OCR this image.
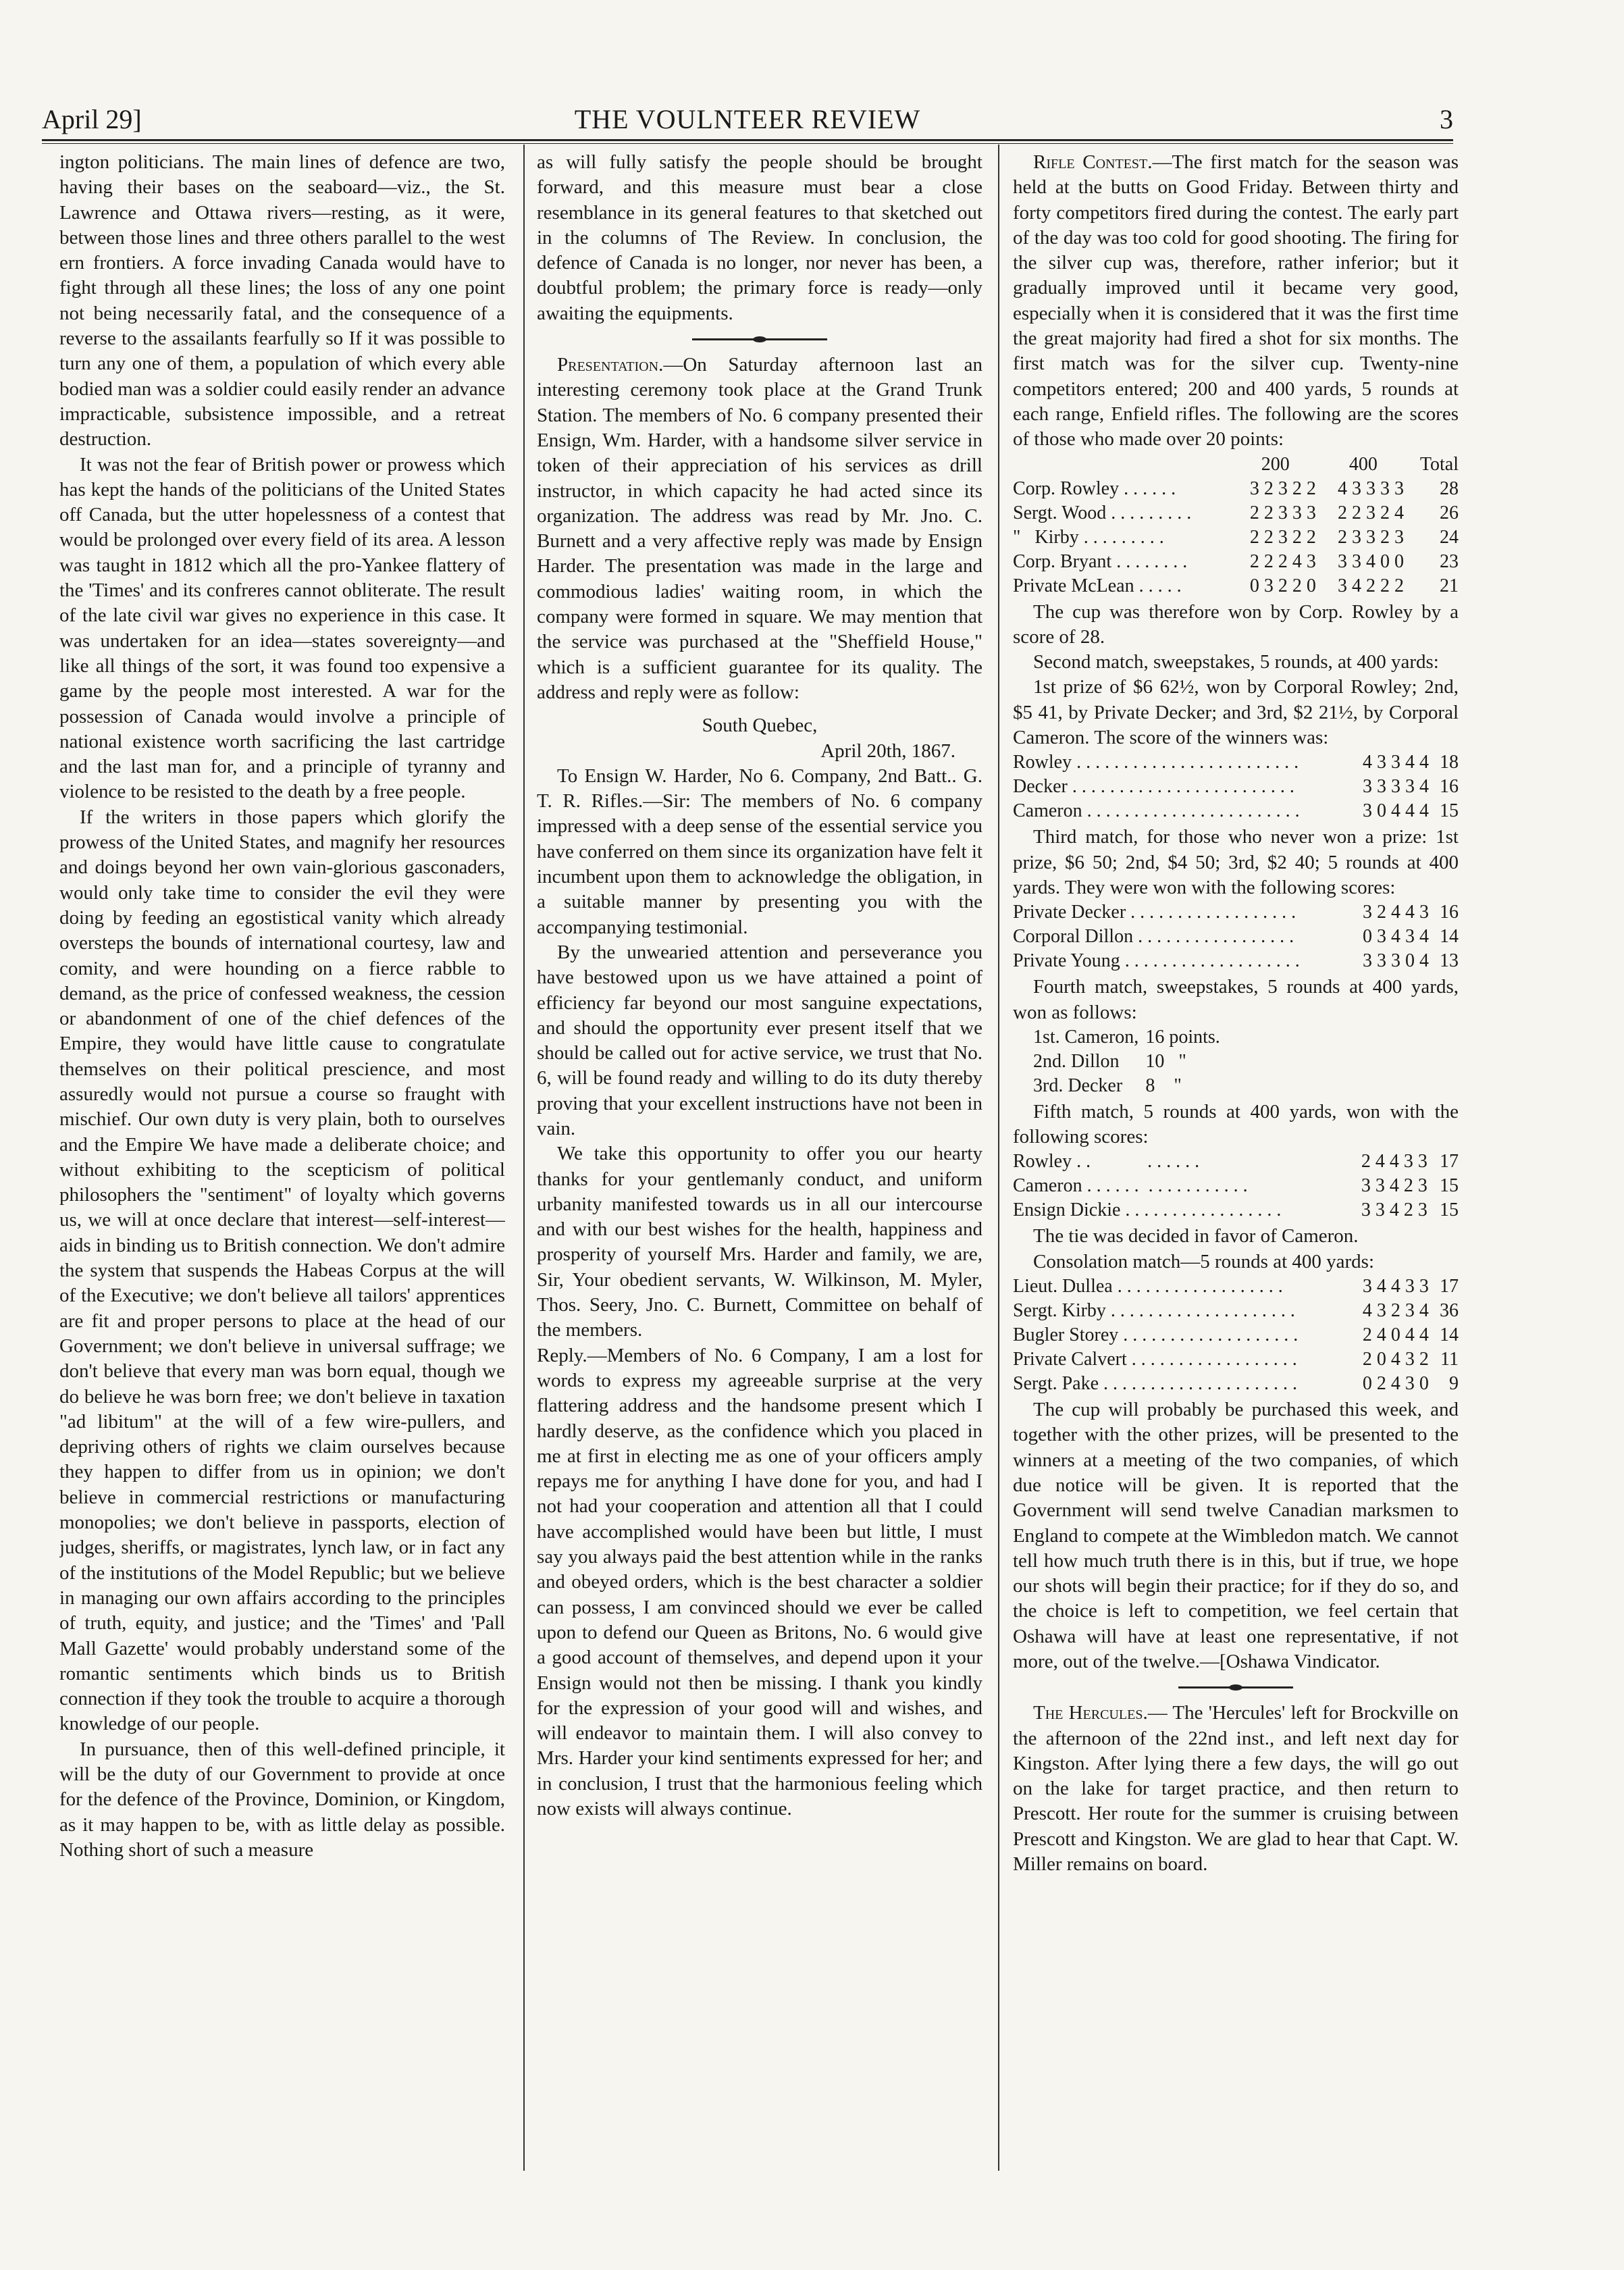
April 29]	THE VOULNTEER REVIEW	3

ington politicians. The main lines of defence are two, having their bases on the seaboard—viz., the St. Lawrence and Ottawa rivers—resting, as it were, between those lines and three others parallel to the west ern frontiers. A force invading Canada would have to fight through all these lines; the loss of any one point not being necessarily fatal, and the consequence of a reverse to the assailants fearfully so If it was possible to turn any one of them, a population of which every able bodied man was a soldier could easily render an advance impracticable, subsistence impossible, and a retreat destruction.

It was not the fear of British power or prowess which has kept the hands of the politicians of the United States off Canada, but the utter hopelessness of a contest that would be prolonged over every field of its area. A lesson was taught in 1812 which all the pro-Yankee flattery of the 'Times' and its confreres cannot obliterate. The result of the late civil war gives no experience in this case. It was undertaken for an idea—states sovereignty—and like all things of the sort, it was found too expensive a game by the people most interested. A war for the possession of Canada would involve a principle of national existence worth sacrificing the last cartridge and the last man for, and a principle of tyranny and violence to be resisted to the death by a free people.

If the writers in those papers which glorify the prowess of the United States, and magnify her resources and doings beyond her own vain-glorious gasconaders, would only take time to consider the evil they were doing by feeding an egostistical vanity which already oversteps the bounds of international courtesy, law and comity, and were hounding on a fierce rabble to demand, as the price of confessed weakness, the cession or abandonment of one of the chief defences of the Empire, they would have little cause to congratulate themselves on their political prescience, and most assuredly would not pursue a course so fraught with mischief. Our own duty is very plain, both to ourselves and the Empire We have made a deliberate choice; and without exhibiting to the scepticism of political philosophers the "sentiment" of loyalty which governs us, we will at once declare that interest—self-interest—aids in binding us to British connection. We don't admire the system that suspends the Habeas Corpus at the will of the Executive; we don't believe all tailors' apprentices are fit and proper persons to place at the head of our Government; we don't believe in universal suffrage; we don't believe that every man was born equal, though we do believe he was born free; we don't believe in taxation "ad libitum" at the will of a few wire-pullers, and depriving others of rights we claim ourselves because they happen to differ from us in opinion; we don't believe in commercial restrictions or manufacturing monopolies; we don't believe in passports, election of judges, sheriffs, or magistrates, lynch law, or in fact any of the institutions of the Model Republic; but we believe in managing our own affairs according to the principles of truth, equity, and justice; and the 'Times' and 'Pall Mall Gazette' would probably understand some of the romantic sentiments which binds us to British connection if they took the trouble to acquire a thorough knowledge of our people.

In pursuance, then of this well-defined principle, it will be the duty of our Government to provide at once for the defence of the Province, Dominion, or Kingdom, as it may happen to be, with as little delay as possible. Nothing short of such a measure

as will fully satisfy the people should be brought forward, and this measure must bear a close resemblance in its general features to that sketched out in the columns of The Review. In conclusion, the defence of Canada is no longer, nor never has been, a doubtful problem; the primary force is ready—only awaiting the equipments.

Presentation.—On Saturday afternoon last an interesting ceremony took place at the Grand Trunk Station. The members of No. 6 company presented their Ensign, Wm. Harder, with a handsome silver service in token of their appreciation of his services as drill instructor, in which capacity he had acted since its organization. The address was read by Mr. Jno. C. Burnett and a very affective reply was made by Ensign Harder. The presentation was made in the large and commodious ladies' waiting room, in which the company were formed in square. We may mention that the service was purchased at the "Sheffield House," which is a sufficient guarantee for its quality. The address and reply were as follow:

South Quebec,

April 20th, 1867.

To Ensign W. Harder, No 6. Company, 2nd Batt.. G. T. R. Rifles.—Sir: The members of No. 6 company impressed with a deep sense of the essential service you have conferred on them since its organization have felt it incumbent upon them to acknowledge the obligation, in a suitable manner by presenting you with the accompanying testimonial.

By the unwearied attention and perseverance you have bestowed upon us we have attained a point of efficiency far beyond our most sanguine expectations, and should the opportunity ever present itself that we should be called out for active service, we trust that No. 6, will be found ready and willing to do its duty thereby proving that your excellent instructions have not been in vain.

We take this opportunity to offer you our hearty thanks for your gentlemanly conduct, and uniform urbanity manifested towards us in all our intercourse and with our best wishes for the health, happiness and prosperity of yourself Mrs. Harder and family, we are, Sir, Your obedient servants, W. Wilkinson, M. Myler, Thos. Seery, Jno. C. Burnett, Committee on behalf of the members.

Reply.—Members of No. 6 Company, I am a lost for words to express my agreeable surprise at the very flattering address and the handsome present which I hardly deserve, as the confidence which you placed in me at first in electing me as one of your officers amply repays me for anything I have done for you, and had I not had your cooperation and attention all that I could have accomplished would have been but little, I must say you always paid the best attention while in the ranks and obeyed orders, which is the best character a soldier can possess, I am convinced should we ever be called upon to defend our Queen as Britons, No. 6 would give a good account of themselves, and depend upon it your Ensign would not then be missing. I thank you kindly for the expression of your good will and wishes, and will endeavor to maintain them. I will also convey to Mrs. Harder your kind sentiments expressed for her; and in conclusion, I trust that the harmonious feeling which now exists will always continue.

Rifle Contest.—The first match for the season was held at the butts on Good Friday. Between thirty and forty competitors fired during the contest. The early part of the day was too cold for good shooting. The firing for the silver cup was, therefore, rather inferior; but it gradually improved until it became very good, especially when it is considered that it was the first time the great majority had fired a shot for six months. The first match was for the silver cup. Twenty-nine competitors entered; 200 and 400 yards, 5 rounds at each range, Enfield rifles. The following are the scores of those who made over 20 points:

	200	400	Total
Corp. Rowley . . . . . .	3 2 3 2 2	4 3 3 3 3	28
Sergt. Wood . . . . . . . . .	2 2 3 3 3	2 2 3 2 4	26
"   Kirby . . . . . . . . .	2 2 3 2 2	2 3 3 2 3	24
Corp. Bryant . . . . . . . .	2 2 2 4 3	3 3 4 0 0	23
Private McLean . . . . .	0 3 2 2 0	3 4 2 2 2	21

The cup was therefore won by Corp. Rowley by a score of 28.

Second match, sweepstakes, 5 rounds, at 400 yards:

1st prize of $6 62½, won by Corporal Rowley; 2nd, $5 41, by Private Decker; and 3rd, $2 21½, by Corporal Cameron. The score of the winners was:

Rowley . . . . . . . . . . . . . . . . . . . . . . . .	4 3 3 4 4	18
Decker . . . . . . . . . . . . . . . . . . . . . . . .	3 3 3 3 4	16
Cameron . . . . . . . . . . . . . . . . . . . . . . .	3 0 4 4 4	15

Third match, for those who never won a prize: 1st prize, $6 50; 2nd, $4 50; 3rd, $2 40; 5 rounds at 400 yards. They were won with the following scores:

Private Decker . . . . . . . . . . . . . . . . . .	3 2 4 4 3	16
Corporal Dillon . . . . . . . . . . . . . . . . .	0 3 4 3 4	14
Private Young . . . . . . . . . . . . . . . . . . .	3 3 3 0 4	13

Fourth match, sweepstakes, 5 rounds at 400 yards, won as follows:

1st. Cameron,	16 points.
2nd. Dillon	10   "
3rd. Decker	8    "

Fifth match, 5 rounds at 400 yards, won with the following scores:

Rowley . .            . . . . . .	2 4 4 3 3	17
Cameron . . . . . .  . . . . . . . . . . .	3 3 4 2 3	15
Ensign Dickie . . . . . . . . . . . . . . . . .	3 3 4 2 3	15

The tie was decided in favor of Cameron.

Consolation match—5 rounds at 400 yards:

Lieut. Dullea . . . . . . . . . . . . . . . . . .	3 4 4 3 3	17
Sergt. Kirby . . . . . . . . . . . . . . . . . . . .	4 3 2 3 4	36
Bugler Storey . . . . . . . . . . . . . . . . . . .	2 4 0 4 4	14
Private Calvert . . . . . . . . . . . . . . . . . .	2 0 4 3 2	11
Sergt. Pake . . . . . . . . . . . . . . . . . . . . .	0 2 4 3 0	9

The cup will probably be purchased this week, and together with the other prizes, will be presented to the winners at a meeting of the two companies, of which due notice will be given. It is reported that the Government will send twelve Canadian marksmen to England to compete at the Wimbledon match. We cannot tell how much truth there is in this, but if true, we hope our shots will begin their practice; for if they do so, and the choice is left to competition, we feel certain that Oshawa will have at least one representative, if not more, out of the twelve.—[Oshawa Vindicator.

The Hercules.— The 'Hercules' left for Brockville on the afternoon of the 22nd inst., and left next day for Kingston. After lying there a few days, the will go out on the lake for target practice, and then return to Prescott. Her route for the summer is cruising between Prescott and Kingston. We are glad to hear that Capt. W. Miller remains on board.
